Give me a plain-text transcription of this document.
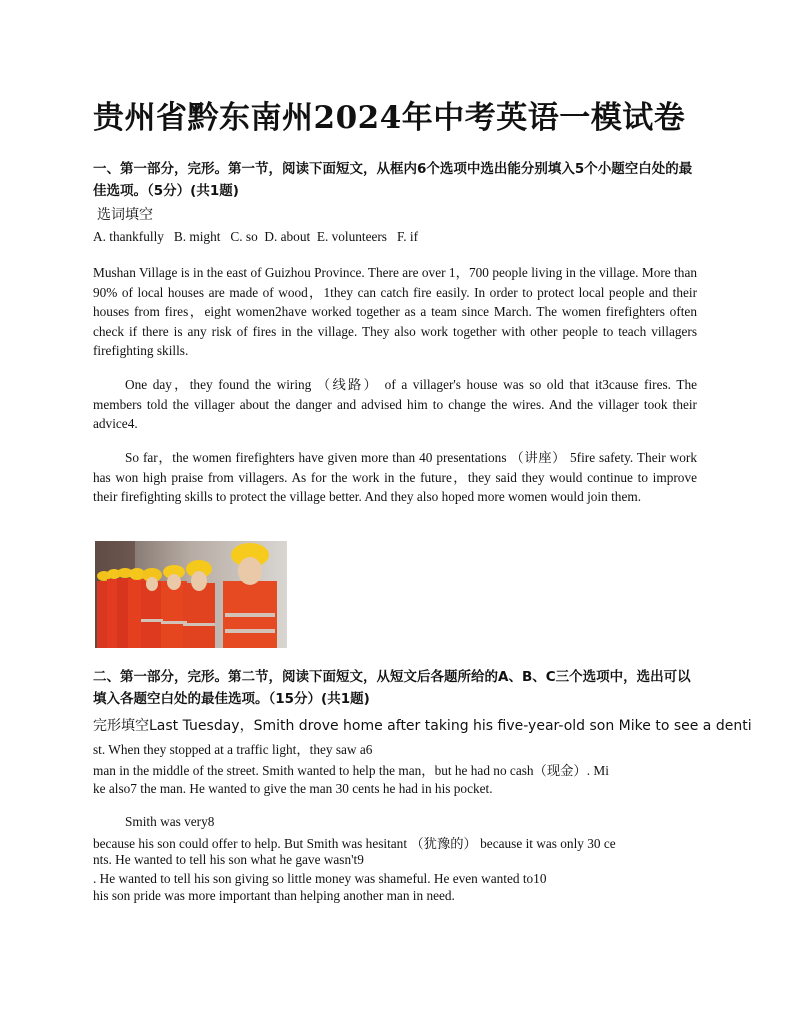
贵州省黔东南州2024年中考英语一模试卷
一、第一部分，完形。第一节，阅读下面短文，从框内6个选项中选出能分别填入5个小题空白处的最佳选项。（5分）(共1题)
选词填空
A. thankfully   B. might   C. so  D. about  E. volunteers   F. if
Mushan Village is in the east of Guizhou Province. There are over 1，700 people living in the village. More than 90% of local houses are made of wood，1they can catch fire easily. In order to protect local people and their houses from fires，eight women2have worked together as a team since March. The women firefighters often check if there is any risk of fires in the village. They also work together with other people to teach villagers firefighting skills.
One day，they found the wiring （线路） of a villager's house was so old that it3cause fires. The members told the villager about the danger and advised him to change the wires. And the villager took their advice4.
So far，the women firefighters have given more than 40 presentations （讲座） 5fire safety. Their work has won high praise from villagers. As for the work in the future，they said they would continue to improve their firefighting skills to protect the village better. And they also hoped more women would join them.
二、第一部分，完形。第二节，阅读下面短文，从短文后各题所给的A、B、C三个选项中，选出可以填入各题空白处的最佳选项。（15分）(共1题)
完形填空Last Tuesday，Smith drove home after taking his five-year-old son Mike to see a denti
st. When they stopped at a traffic light，they saw a6
man in the middle of the street. Smith wanted to help the man，but he had no cash（现金）. Mi
ke also7 the man. He wanted to give the man 30 cents he had in his pocket.
Smith was very8
because his son could offer to help. But Smith was hesitant （犹豫的） because it was only 30 ce
nts. He wanted to tell his son what he gave wasn't9
. He wanted to tell his son giving so little money was shameful. He even wanted to10
his son pride was more important than helping another man in need.
